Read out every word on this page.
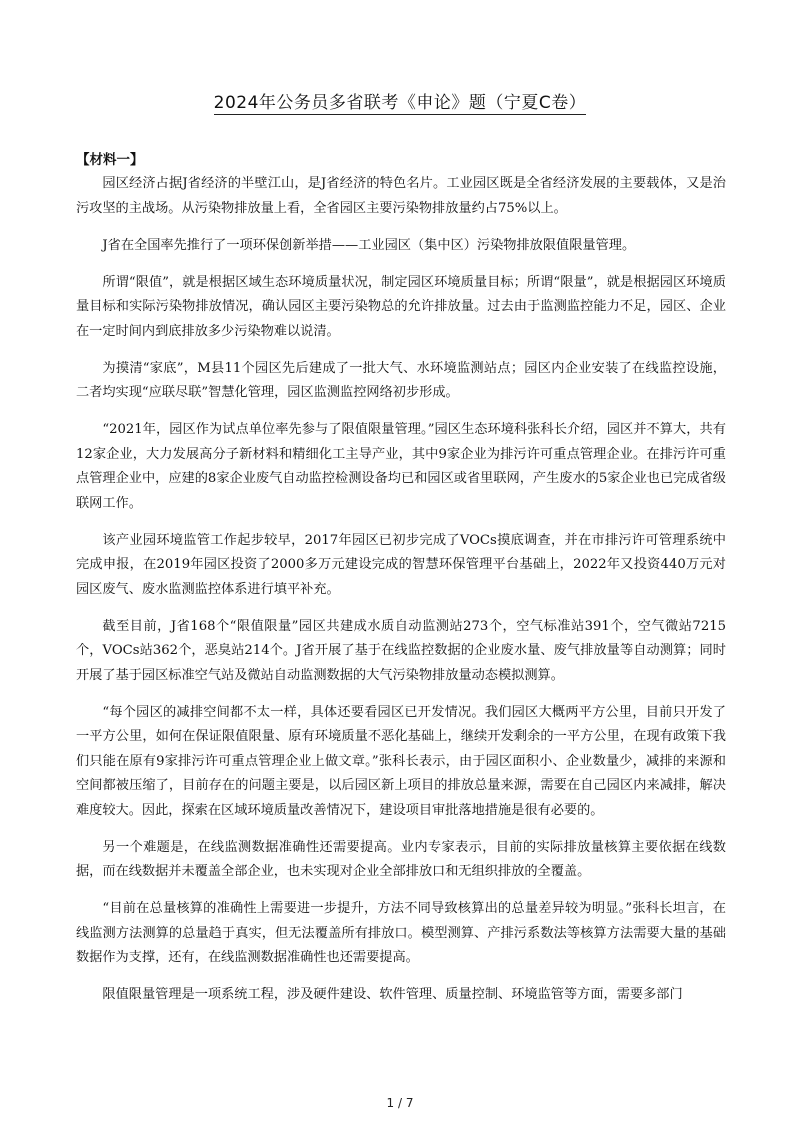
2024年公务员多省联考《申论》题（宁夏C卷）

【材料一】

园区经济占据J省经济的半壁江山，是J省经济的特色名片。工业园区既是全省经济发展的主要载体，又是治污攻坚的主战场。从污染物排放量上看，全省园区主要污染物排放量约占75%以上。

J省在全国率先推行了一项环保创新举措——工业园区（集中区）污染物排放限值限量管理。

所谓“限值”，就是根据区域生态环境质量状况，制定园区环境质量目标；所谓“限量”，就是根据园区环境质量目标和实际污染物排放情况，确认园区主要污染物总的允许排放量。过去由于监测监控能力不足，园区、企业在一定时间内到底排放多少污染物难以说清。

为摸清“家底”，M县11个园区先后建成了一批大气、水环境监测站点；园区内企业安装了在线监控设施，二者均实现“应联尽联”智慧化管理，园区监测监控网络初步形成。

“2021年，园区作为试点单位率先参与了限值限量管理。”园区生态环境科张科长介绍，园区并不算大，共有12家企业，大力发展高分子新材料和精细化工主导产业，其中9家企业为排污许可重点管理企业。在排污许可重点管理企业中，应建的8家企业废气自动监控检测设备均已和园区或省里联网，产生废水的5家企业也已完成省级联网工作。

该产业园环境监管工作起步较早，2017年园区已初步完成了VOCs摸底调查，并在市排污许可管理系统中完成申报，在2019年园区投资了2000多万元建设完成的智慧环保管理平台基础上，2022年又投资440万元对园区废气、废水监测监控体系进行填平补充。

截至目前，J省168个“限值限量”园区共建成水质自动监测站273个，空气标准站391个，空气微站7215个，VOCs站362个，恶臭站214个。J省开展了基于在线监控数据的企业废水量、废气排放量等自动测算；同时开展了基于园区标准空气站及微站自动监测数据的大气污染物排放量动态模拟测算。

“每个园区的减排空间都不太一样，具体还要看园区已开发情况。我们园区大概两平方公里，目前只开发了一平方公里，如何在保证限值限量、原有环境质量不恶化基础上，继续开发剩余的一平方公里，在现有政策下我们只能在原有9家排污许可重点管理企业上做文章。”张科长表示，由于园区面积小、企业数量少，减排的来源和空间都被压缩了，目前存在的问题主要是，以后园区新上项目的排放总量来源，需要在自己园区内来减排，解决难度较大。因此，探索在区域环境质量改善情况下，建设项目审批落地措施是很有必要的。

另一个难题是，在线监测数据准确性还需要提高。业内专家表示，目前的实际排放量核算主要依据在线数据，而在线数据并未覆盖全部企业，也未实现对企业全部排放口和无组织排放的全覆盖。

“目前在总量核算的准确性上需要进一步提升，方法不同导致核算出的总量差异较为明显。”张科长坦言，在线监测方法测算的总量趋于真实，但无法覆盖所有排放口。模型测算、产排污系数法等核算方法需要大量的基础数据作为支撑，还有，在线监测数据准确性也还需要提高。

限值限量管理是一项系统工程，涉及硬件建设、软件管理、质量控制、环境监管等方面，需要多部门

1 / 7
